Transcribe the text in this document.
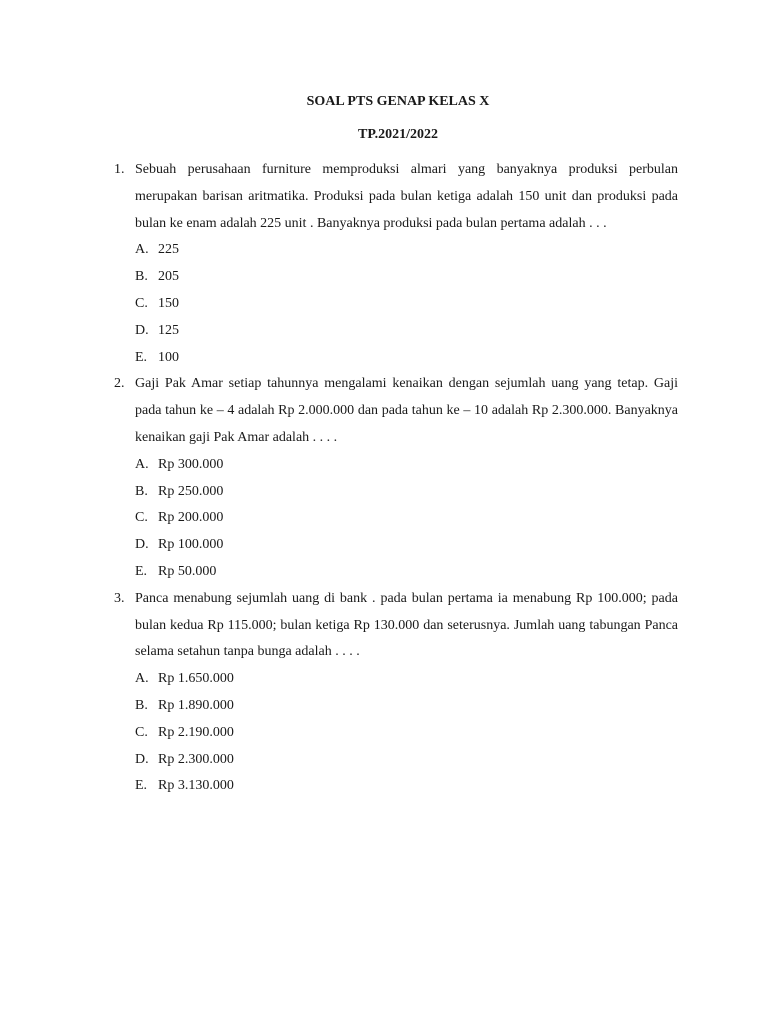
SOAL PTS GENAP KELAS X
TP.2021/2022
1. Sebuah perusahaan furniture memproduksi almari yang banyaknya produksi perbulan merupakan barisan aritmatika. Produksi pada bulan ketiga adalah 150 unit dan produksi pada bulan ke enam adalah 225 unit . Banyaknya produksi pada bulan pertama adalah . . .
A. 225
B. 205
C. 150
D. 125
E. 100
2. Gaji Pak Amar setiap tahunnya mengalami kenaikan dengan sejumlah uang yang tetap. Gaji pada tahun ke – 4 adalah Rp 2.000.000 dan pada tahun ke – 10 adalah Rp 2.300.000. Banyaknya kenaikan gaji Pak Amar adalah . . . .
A. Rp 300.000
B. Rp 250.000
C. Rp 200.000
D. Rp 100.000
E. Rp 50.000
3. Panca menabung sejumlah uang di bank . pada bulan pertama ia menabung Rp 100.000; pada bulan kedua Rp 115.000; bulan ketiga Rp 130.000 dan seterusnya. Jumlah uang tabungan Panca selama setahun tanpa bunga adalah . . . .
A. Rp 1.650.000
B. Rp 1.890.000
C. Rp 2.190.000
D. Rp 2.300.000
E. Rp 3.130.000
